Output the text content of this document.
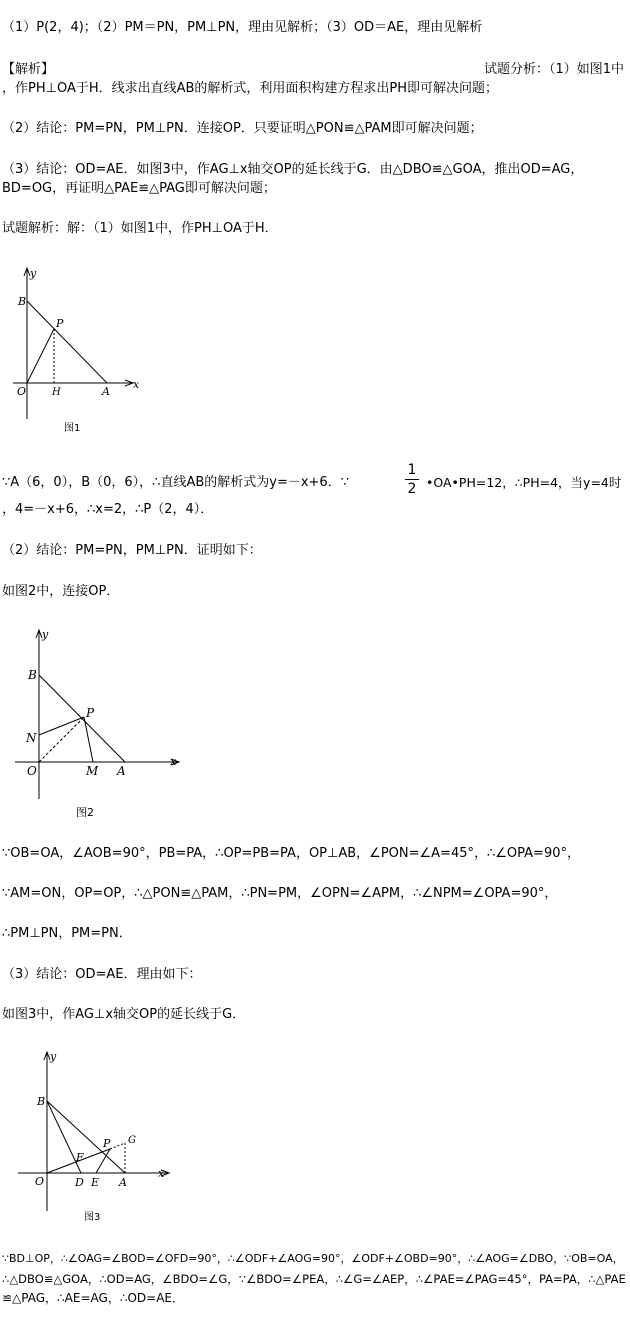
（1）P(2，4)；（2）PM＝PN，PM⊥PN，理由见解析；（3）OD＝AE，理由见解析
【解析】	试题分析：（1）如图1中
，作PH⊥OA于H．线求出直线AB的解析式，利用面积构建方程求出PH即可解决问题；
（2）结论：PM=PN，PM⊥PN．连接OP．只要证明△PON≌△PAM即可解决问题；
（3）结论：OD=AE．如图3中，作AG⊥x轴交OP的延长线于G．由△DBO≌△GOA，推出OD=AG，
BD=OG，再证明△PAE≌△PAG即可解决问题；
试题解析：解：（1）如图1中，作PH⊥OA于H．
y
x
B
P
O	H	A
图1
∵A（6，0），B（0，6），∴直线AB的解析式为y=－x+6．∵
1
2 •OA•PH=12，∴PH=4，当y=4时
，4=－x+6，∴x=2，∴P（2，4）．
（2）结论：PM=PN，PM⊥PN．证明如下：
如图2中，连接OP．
y
x
B
P
N
O	M A
图2
∵OB=OA，∠AOB=90°，PB=PA，∴OP=PB=PA，OP⊥AB，∠PON=∠A=45°，∴∠OPA=90°，
∵AM=ON，OP=OP，∴△PON≌△PAM，∴PN=PM，∠OPN=∠APM，∴∠NPM=∠OPA=90°，
∴PM⊥PN，PM=PN．
（3）结论：OD=AE．理由如下：
如图3中，作AG⊥x轴交OP的延长线于G．
y
x
B
G
F
P
O	D E A
图3
∵BD⊥OP，∴∠OAG=∠BOD=∠OFD=90°，∴∠ODF+∠AOG=90°，∠ODF+∠OBD=90°，∴∠AOG=∠DBO，∵OB=OA，
∴△DBO≌△GOA，∴OD=AG，∠BDO=∠G，∵∠BDO=∠PEA，∴∠G=∠AEP，∴∠PAE=∠PAG=45°，PA=PA，∴△PAE
≌△PAG，∴AE=AG，∴OD=AE．
